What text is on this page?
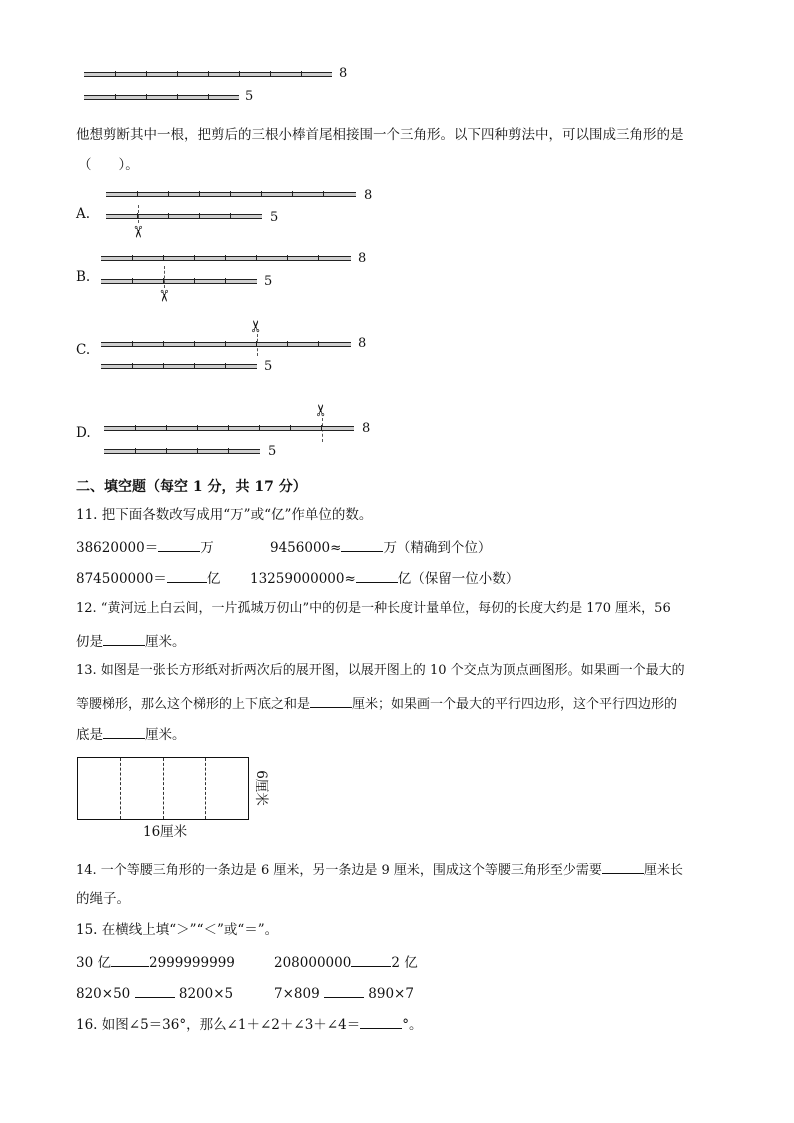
8
5
他想剪断其中一根，把剪后的三根小棒首尾相接围一个三角形。以下四种剪法中，可以围成三角形的是
（　　）。
A.
8
5
✂
B.
8
5
✂
C.
✂
8
5
D.
✂
8
5
二、填空题（每空 1 分，共 17 分）
11. 把下面各数改写成用“万”或“亿”作单位的数。
38620000＝	万	9456000≈	万（精确到个位）
874500000＝	亿 13259000000≈	亿（保留一位小数）
12. “黄河远上白云间，一片孤城万仞山”中的仞是一种长度计量单位，每仞的长度大约是 170 厘米，56
仞是	厘米。
13. 如图是一张长方形纸对折两次后的展开图，以展开图上的 10 个交点为顶点画图形。如果画一个最大的
等腰梯形，那么这个梯形的上下底之和是	厘米；如果画一个最大的平行四边形，这个平行四边形的
底是	厘米。
6厘米
16厘米
14. 一个等腰三角形的一条边是 6 厘米，另一条边是 9 厘米，围成这个等腰三角形至少需要	厘米长
的绳子。
15. 在横线上填“＞”“＜”或“＝”。
30 亿	2999999999	208000000	2 亿
820×50	8200×5	7×809	890×7
16. 如图∠5＝36°，那么∠1＋∠2＋∠3＋∠4＝	°。
